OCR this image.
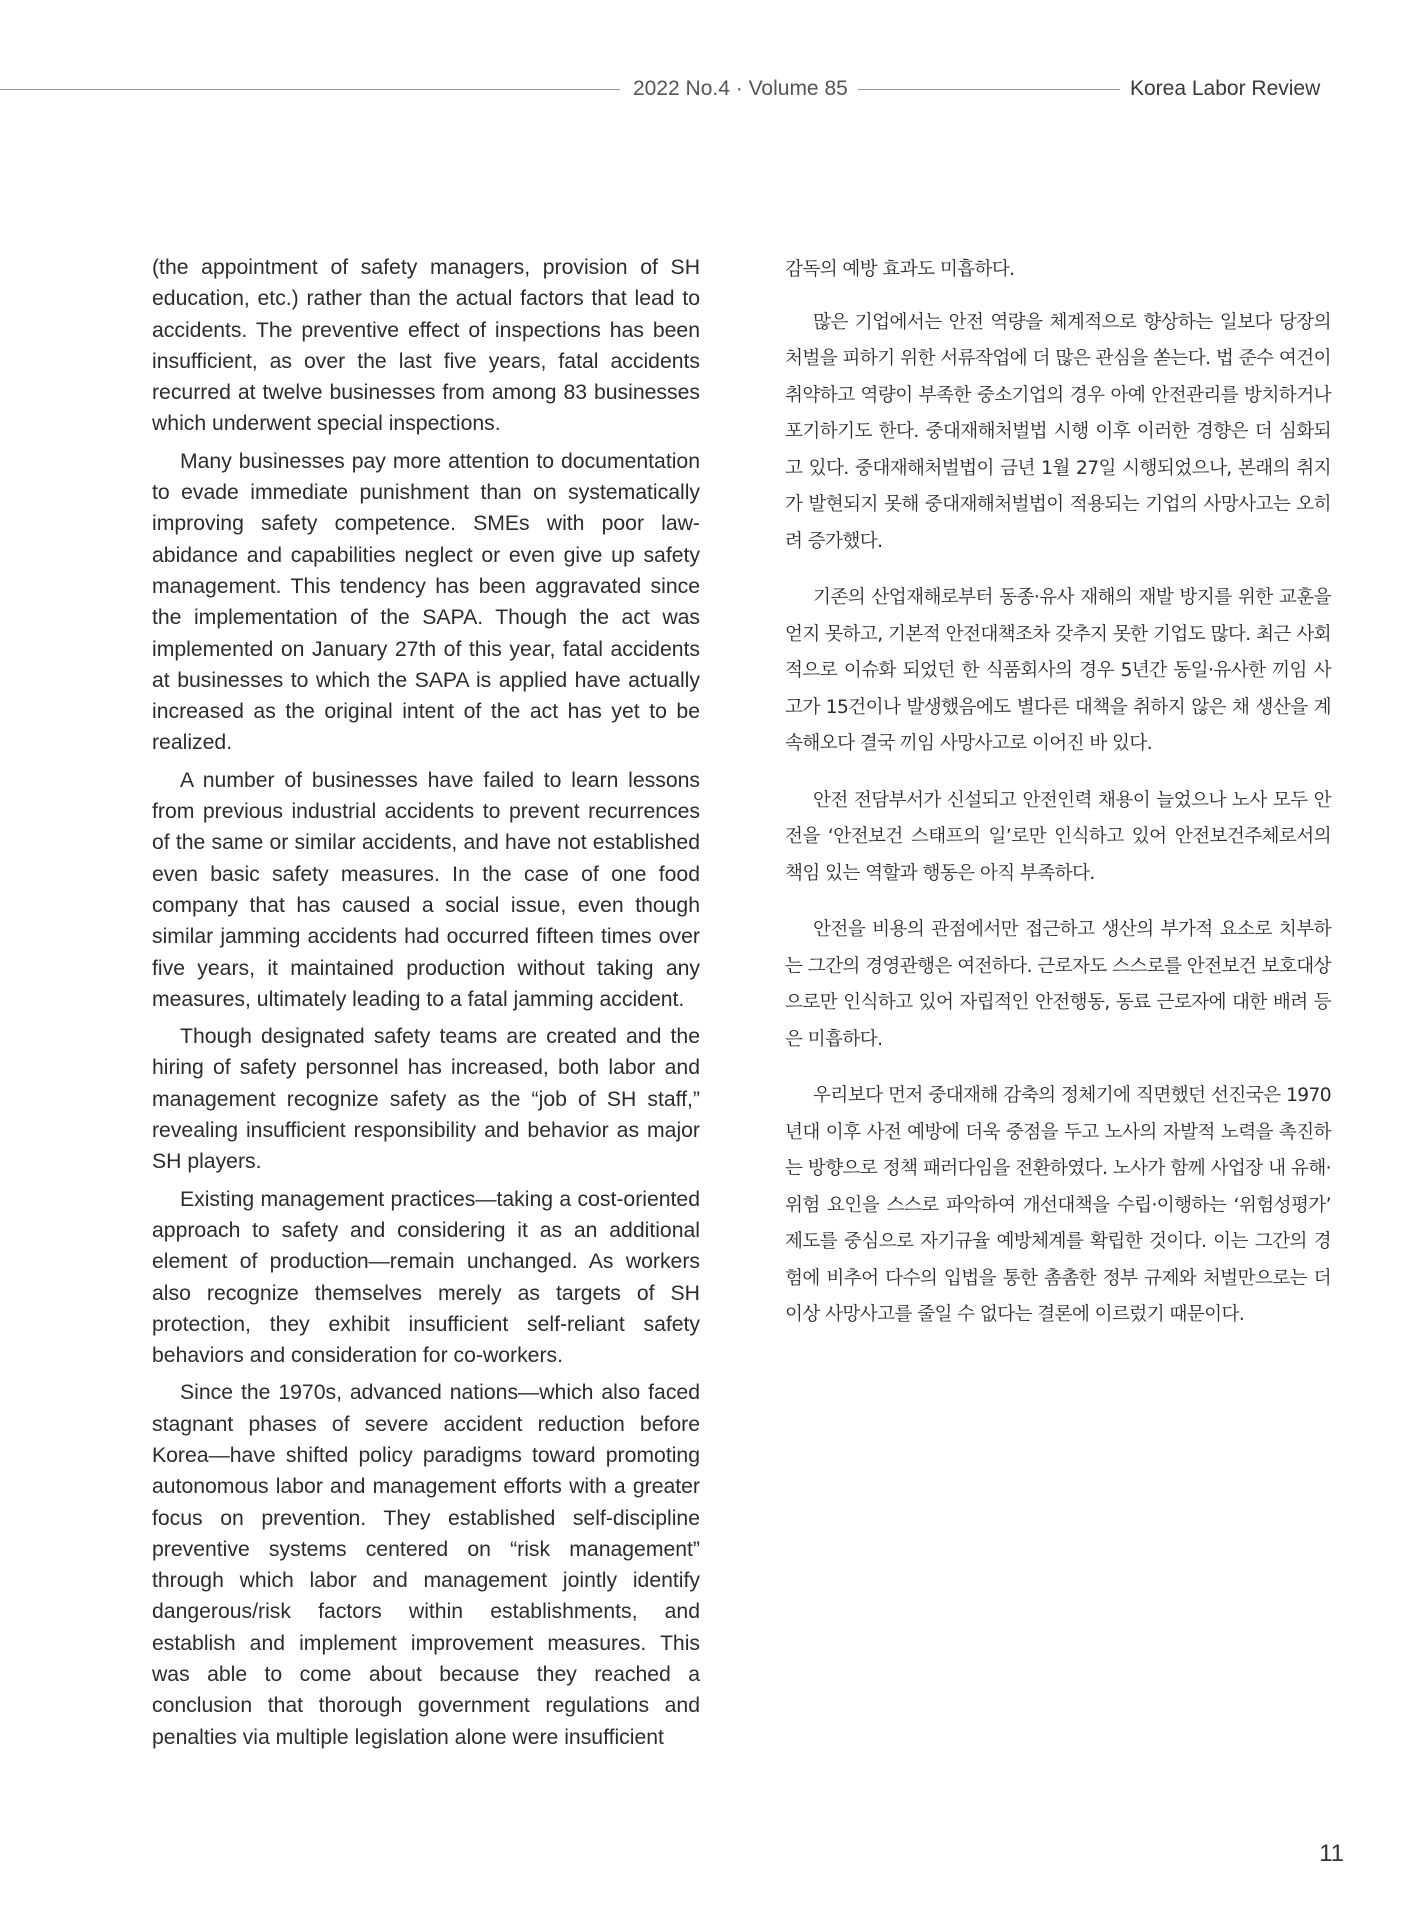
2022 No.4 · Volume 85	Korea Labor Review

(the appointment of safety managers, provision of SH education, etc.) rather than the actual factors that lead to accidents. The preventive effect of inspections has been insufficient, as over the last five years, fatal accidents recurred at twelve businesses from among 83 businesses which underwent special inspections.

Many businesses pay more attention to documentation to evade immediate punishment than on systematically improving safety competence. SMEs with poor law-abidance and capabilities neglect or even give up safety management. This tendency has been aggravated since the implementation of the SAPA. Though the act was implemented on January 27th of this year, fatal accidents at businesses to which the SAPA is applied have actually increased as the original intent of the act has yet to be realized.

A number of businesses have failed to learn lessons from previous industrial accidents to prevent recurrences of the same or similar accidents, and have not established even basic safety measures. In the case of one food company that has caused a social issue, even though similar jamming accidents had occurred fifteen times over five years, it maintained production without taking any measures, ultimately leading to a fatal jamming accident.

Though designated safety teams are created and the hiring of safety personnel has increased, both labor and management recognize safety as the “job of SH staff,” revealing insufficient responsibility and behavior as major SH players.

Existing management practices—taking a cost-oriented approach to safety and considering it as an additional element of production—remain unchanged. As workers also recognize themselves merely as targets of SH protection, they exhibit insufficient self-reliant safety behaviors and consideration for co-workers.

Since the 1970s, advanced nations—which also faced stagnant phases of severe accident reduction before Korea—have shifted policy paradigms toward promoting autonomous labor and management efforts with a greater focus on prevention. They established self-discipline preventive systems centered on “risk management” through which labor and management jointly identify dangerous/risk factors within establishments, and establish and implement improvement measures. This was able to come about because they reached a conclusion that thorough government regulations and penalties via multiple legislation alone were insufficient

감독의 예방 효과도 미흡하다.

많은 기업에서는 안전 역량을 체계적으로 향상하는 일보다 당장의 처벌을 피하기 위한 서류작업에 더 많은 관심을 쏟는다. 법 준수 여건이 취약하고 역량이 부족한 중소기업의 경우 아예 안전관리를 방치하거나 포기하기도 한다. 중대재해처벌법 시행 이후 이러한 경향은 더 심화되고 있다. 중대재해처벌법이 금년 1월 27일 시행되었으나, 본래의 취지가 발현되지 못해 중대재해처벌법이 적용되는 기업의 사망사고는 오히려 증가했다.

기존의 산업재해로부터 동종·유사 재해의 재발 방지를 위한 교훈을 얻지 못하고, 기본적 안전대책조차 갖추지 못한 기업도 많다. 최근 사회적으로 이슈화 되었던 한 식품회사의 경우 5년간 동일·유사한 끼임 사고가 15건이나 발생했음에도 별다른 대책을 취하지 않은 채 생산을 계속해오다 결국 끼임 사망사고로 이어진 바 있다.

안전 전담부서가 신설되고 안전인력 채용이 늘었으나 노사 모두 안전을 ‘안전보건 스태프의 일’로만 인식하고 있어 안전보건주체로서의 책임 있는 역할과 행동은 아직 부족하다.

안전을 비용의 관점에서만 접근하고 생산의 부가적 요소로 치부하는 그간의 경영관행은 여전하다. 근로자도 스스로를 안전보건 보호대상으로만 인식하고 있어 자립적인 안전행동, 동료 근로자에 대한 배려 등은 미흡하다.

우리보다 먼저 중대재해 감축의 정체기에 직면했던 선진국은 1970년대 이후 사전 예방에 더욱 중점을 두고 노사의 자발적 노력을 촉진하는 방향으로 정책 패러다임을 전환하였다. 노사가 함께 사업장 내 유해·위험 요인을 스스로 파악하여 개선대책을 수립·이행하는 ‘위험성평가’ 제도를 중심으로 자기규율 예방체계를 확립한 것이다. 이는 그간의 경험에 비추어 다수의 입법을 통한 촘촘한 정부 규제와 처벌만으로는 더 이상 사망사고를 줄일 수 없다는 결론에 이르렀기 때문이다.

11
